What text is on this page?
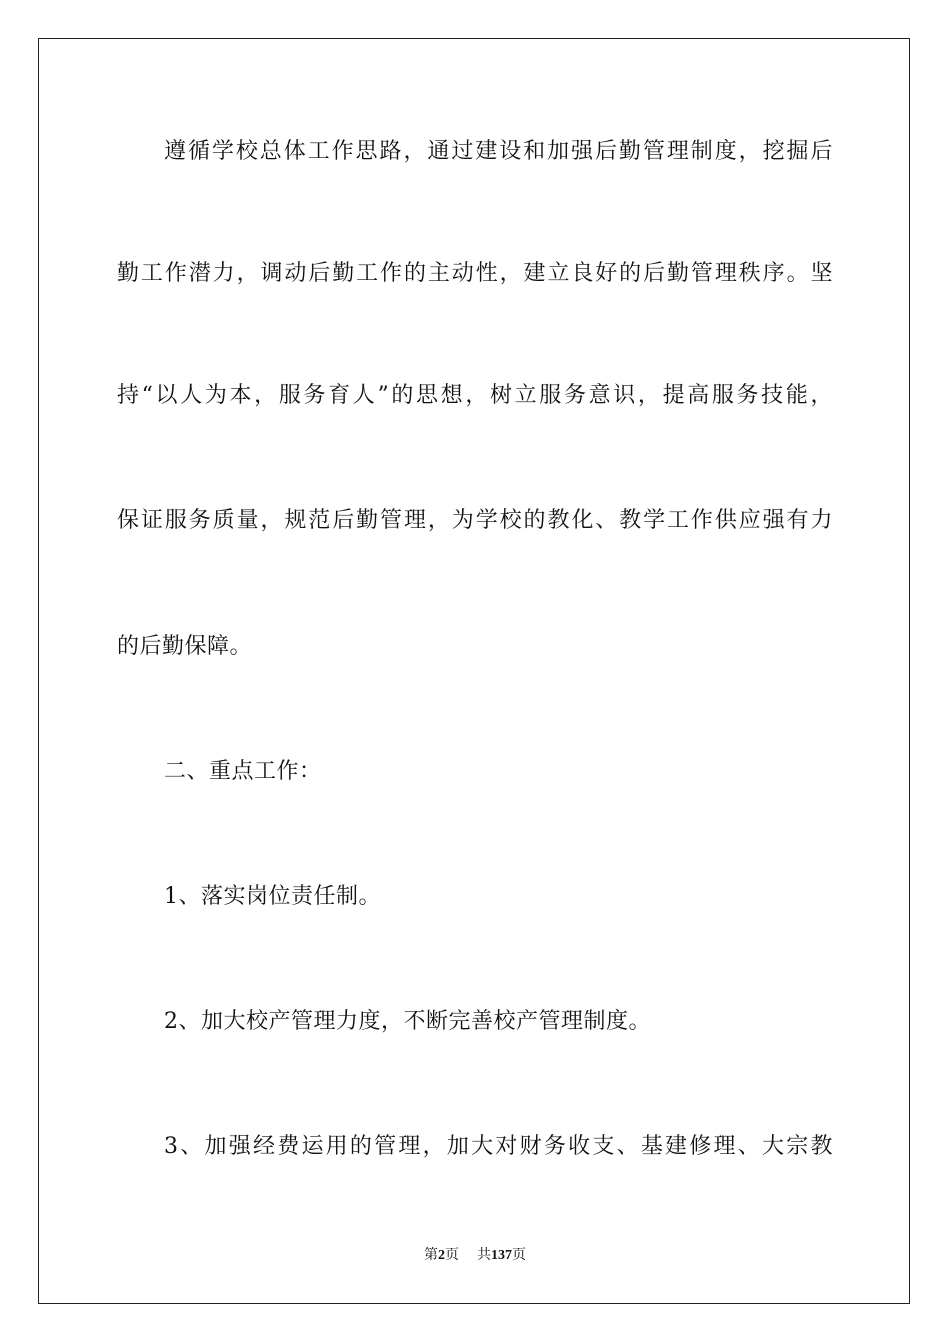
遵循学校总体工作思路，通过建设和加强后勤管理制度，挖掘后
勤工作潜力，调动后勤工作的主动性，建立良好的后勤管理秩序。坚
持“以人为本，服务育人”的思想，树立服务意识，提高服务技能，
保证服务质量，规范后勤管理，为学校的教化、教学工作供应强有力
的后勤保障。
二、重点工作：
1、落实岗位责任制。
2、加大校产管理力度，不断完善校产管理制度。
3、加强经费运用的管理，加大对财务收支、基建修理、大宗教
第2页 共137页
